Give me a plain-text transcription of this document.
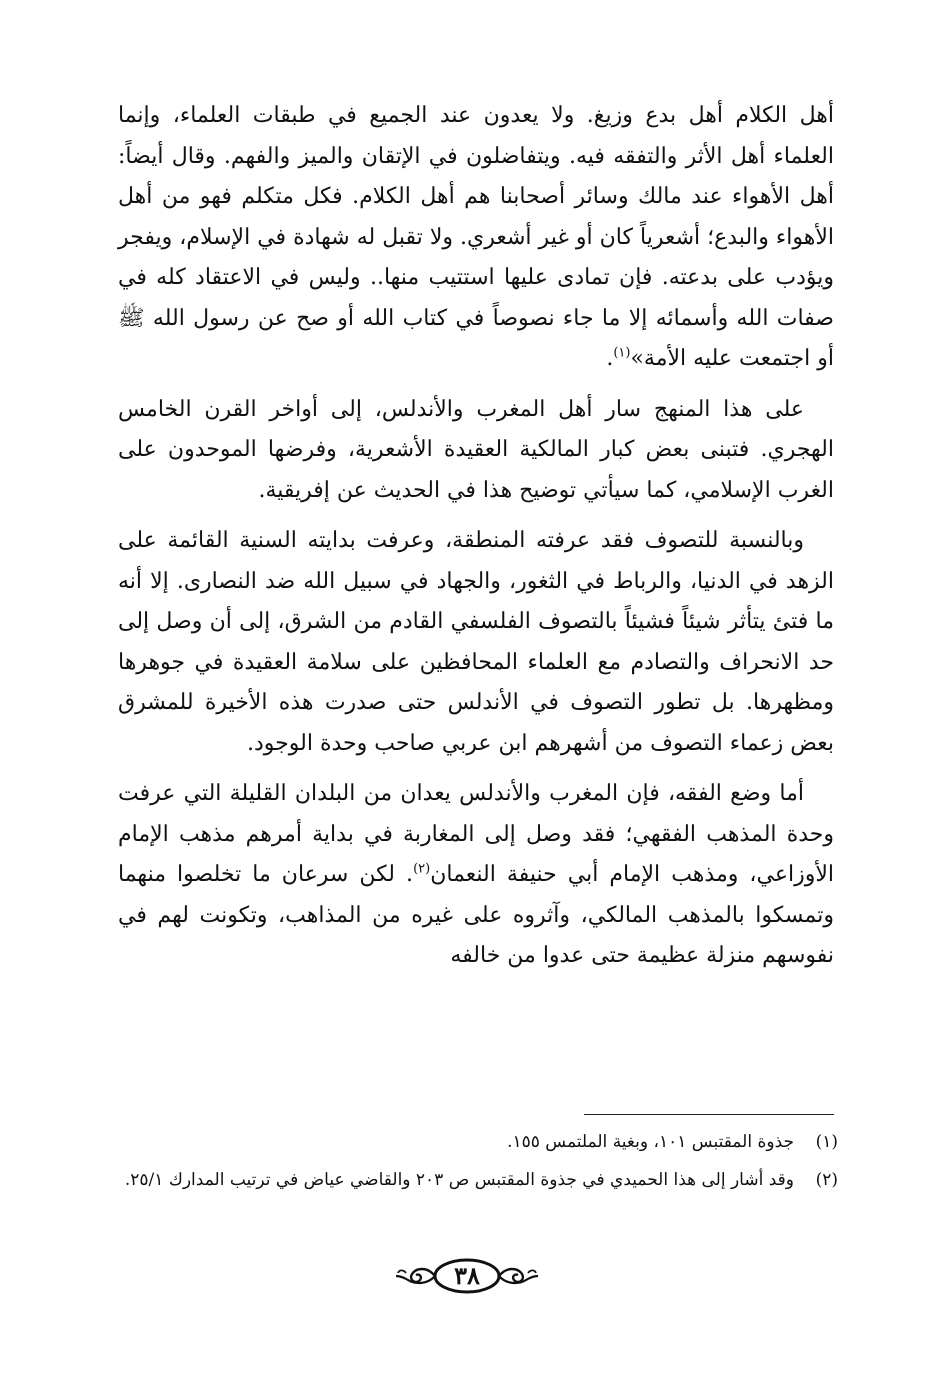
أهل الكلام أهل بدع وزيغ. ولا يعدون عند الجميع في طبقات العلماء، وإنما العلماء أهل الأثر والتفقه فيه. ويتفاضلون في الإتقان والميز والفهم. وقال أيضاً: أهل الأهواء عند مالك وسائر أصحابنا هم أهل الكلام. فكل متكلم فهو من أهل الأهواء والبدع؛ أشعرياً كان أو غير أشعري. ولا تقبل له شهادة في الإسلام، ويفجر ويؤدب على بدعته. فإن تمادى عليها استتيب منها.. وليس في الاعتقاد كله في صفات الله وأسمائه إلا ما جاء نصوصاً في كتاب الله أو صح عن رسول الله ﷺ أو اجتمعت عليه الأمة»$^{(١)}$.

على هذا المنهج سار أهل المغرب والأندلس، إلى أواخر القرن الخامس الهجري. فتبنى بعض كبار المالكية العقيدة الأشعرية، وفرضها الموحدون على الغرب الإسلامي، كما سيأتي توضيح هذا في الحديث عن إفريقية.

وبالنسبة للتصوف فقد عرفته المنطقة، وعرفت بدايته السنية القائمة على الزهد في الدنيا، والرباط في الثغور، والجهاد في سبيل الله ضد النصارى. إلا أنه ما فتئ يتأثر شيئاً فشيئاً بالتصوف الفلسفي القادم من الشرق، إلى أن وصل إلى حد الانحراف والتصادم مع العلماء المحافظين على سلامة العقيدة في جوهرها ومظهرها. بل تطور التصوف في الأندلس حتى صدرت هذه الأخيرة للمشرق بعض زعماء التصوف من أشهرهم ابن عربي صاحب وحدة الوجود.

أما وضع الفقه، فإن المغرب والأندلس يعدان من البلدان القليلة التي عرفت وحدة المذهب الفقهي؛ فقد وصل إلى المغاربة في بداية أمرهم مذهب الإمام الأوزاعي، ومذهب الإمام أبي حنيفة النعمان$^{(٢)}$. لكن سرعان ما تخلصوا منهما وتمسكوا بالمذهب المالكي، وآثروه على غيره من المذاهب، وتكونت لهم في نفوسهم منزلة عظيمة حتى عدوا من خالفه

(١)
جذوة المقتبس ١٠١، وبغية الملتمس ١٥٥.

(٢)
وقد أشار إلى هذا الحميدي في جذوة المقتبس ص ٢٠٣ والقاضي عياض في ترتيب المدارك ٢٥/١.

٣٨
